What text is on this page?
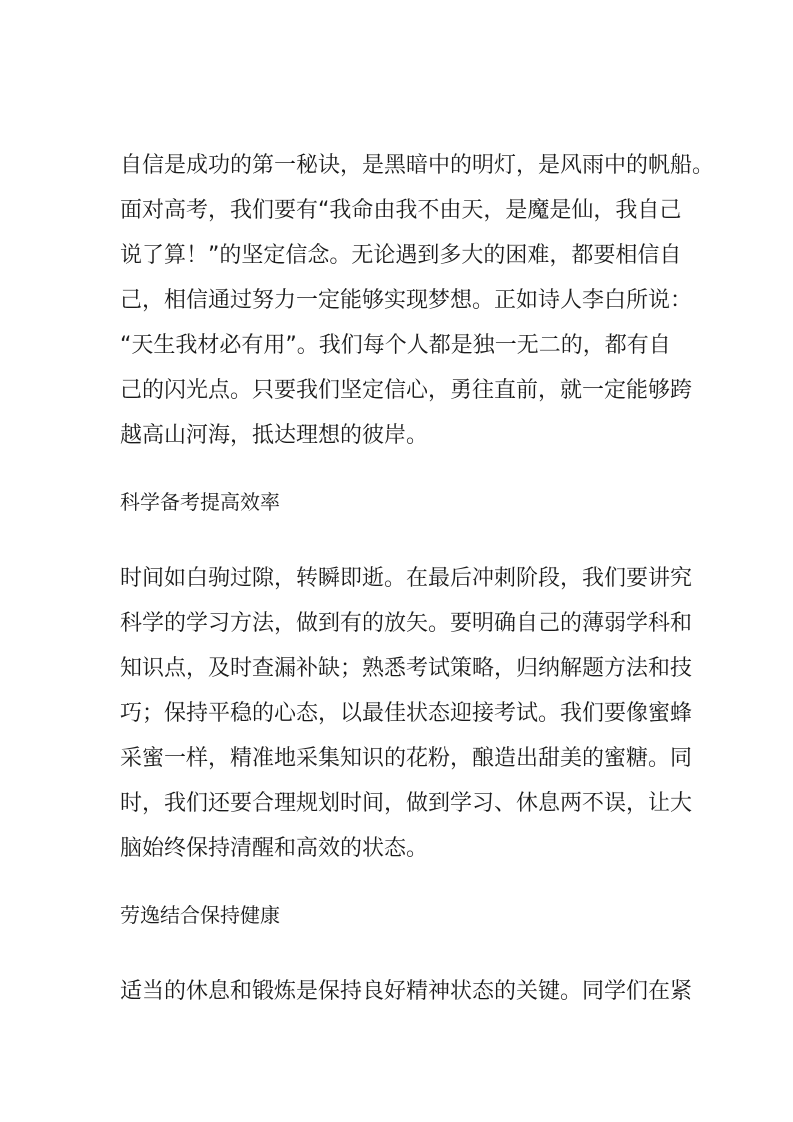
自信是成功的第一秘诀，是黑暗中的明灯，是风雨中的帆船。
面对高考，我们要有“我命由我不由天，是魔是仙，我自己
说了算！”的坚定信念。无论遇到多大的困难，都要相信自
己，相信通过努力一定能够实现梦想。正如诗人李白所说：
“天生我材必有用”。我们每个人都是独一无二的，都有自
己的闪光点。只要我们坚定信心，勇往直前，就一定能够跨
越高山河海，抵达理想的彼岸。
科学备考提高效率
时间如白驹过隙，转瞬即逝。在最后冲刺阶段，我们要讲究
科学的学习方法，做到有的放矢。要明确自己的薄弱学科和
知识点，及时查漏补缺；熟悉考试策略，归纳解题方法和技
巧；保持平稳的心态，以最佳状态迎接考试。我们要像蜜蜂
采蜜一样，精准地采集知识的花粉，酿造出甜美的蜜糖。同
时，我们还要合理规划时间，做到学习、休息两不误，让大
脑始终保持清醒和高效的状态。
劳逸结合保持健康
适当的休息和锻炼是保持良好精神状态的关键。同学们在紧
